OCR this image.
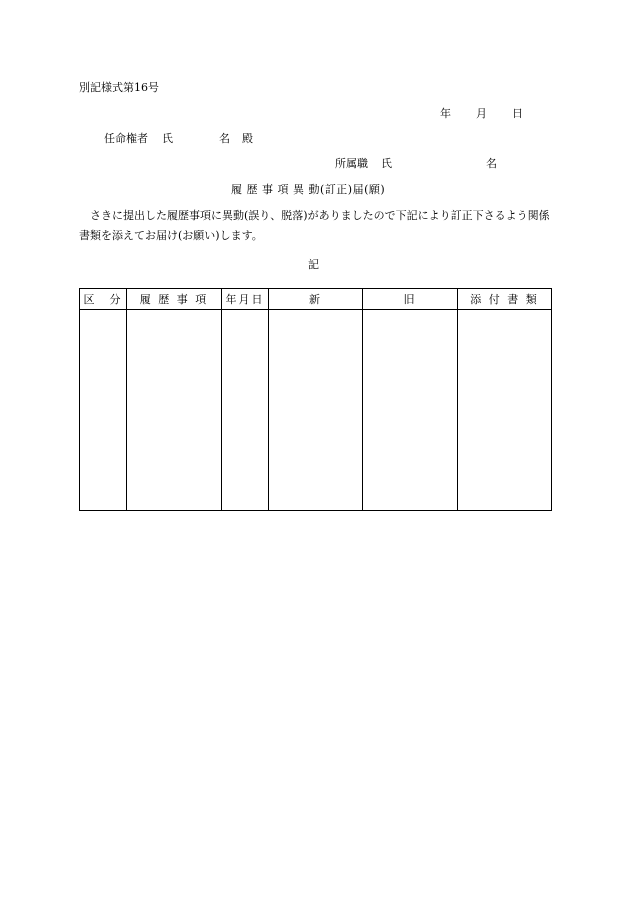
別記様式第16号
年 月 日
任命権者 氏	名 殿
所属職 氏	名
履 歴 事 項 異 動(訂正)届(願)
さきに提出した履歴事項に異動(誤り、脱落)がありましたので下記により訂正下さるよう関係書類を添えてお届け(お願い)します。
記
区　分	履 歴 事 項	年月日	新	旧	添 付 書 類
